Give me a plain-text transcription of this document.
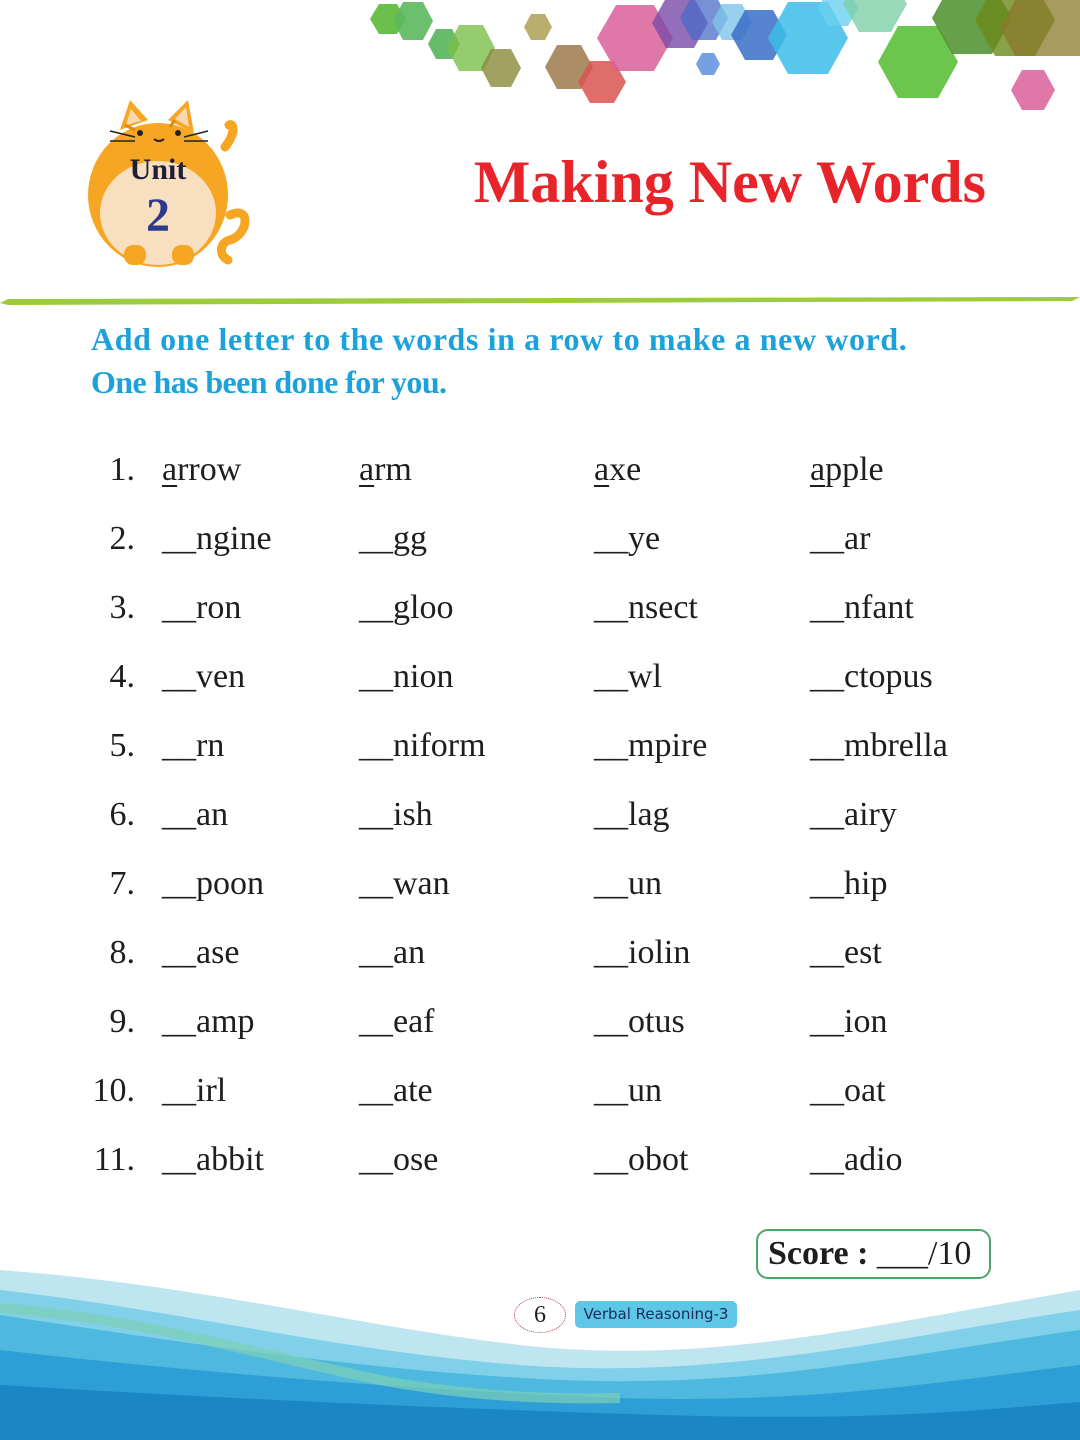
Unit
2
Making New Words
Add one letter to the words in a row to make a new word.
One has been done for you.
1. arrow	arm	axe	apple
2. __ngine	__gg	__ye	__ar
3. __ron	__gloo	__nsect	__nfant
4. __ven	__nion	__wl	__ctopus
5. __rn	__niform	__mpire	__mbrella
6. __an	__ish	__lag	__airy
7. __poon	__wan	__un	__hip
8. __ase	__an	__iolin	__est
9. __amp	__eaf	__otus	__ion
10. __irl	__ate	__un	__oat
11. __abbit	__ose	__obot	__adio
Score : ___/10
6	Verbal Reasoning-3
